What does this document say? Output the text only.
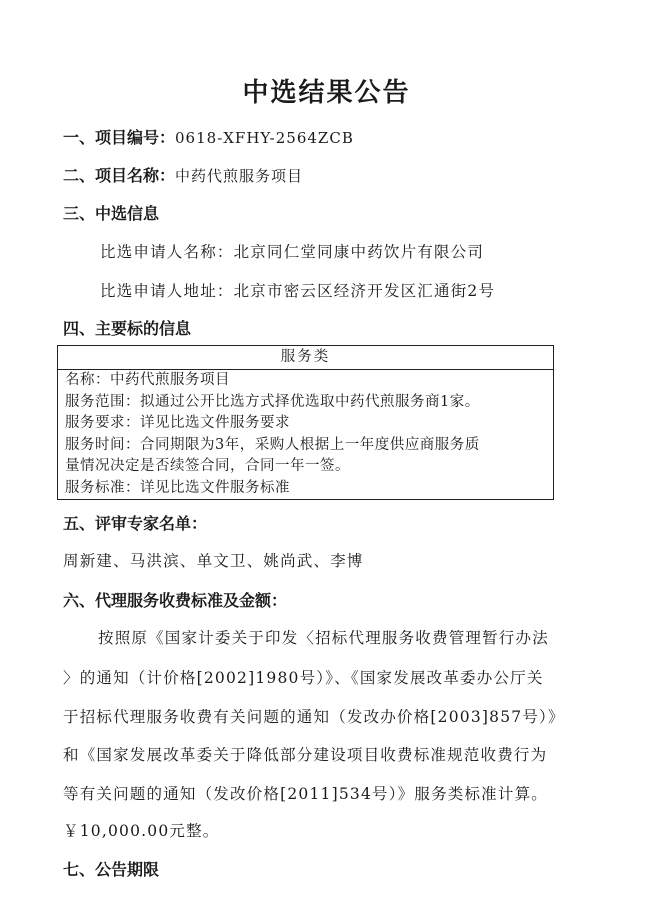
中选结果公告
一、项目编号：0618-XFHY-2564ZCB
二、项目名称：中药代煎服务项目
三、中选信息
比选申请人名称：北京同仁堂同康中药饮片有限公司
比选申请人地址：北京市密云区经济开发区汇通街2号
四、主要标的信息
服务类
名称：中药代煎服务项目
服务范围：拟通过公开比选方式择优选取中药代煎服务商1家。
服务要求：详见比选文件服务要求
服务时间：合同期限为3年，采购人根据上一年度供应商服务质
量情况决定是否续签合同，合同一年一签。
服务标准：详见比选文件服务标准
五、评审专家名单：
周新建、马洪滨、单文卫、姚尚武、李博
六、代理服务收费标准及金额：
按照原《国家计委关于印发〈招标代理服务收费管理暂行办法
〉的通知（计价格[2002]1980号）》、《国家发展改革委办公厅关
于招标代理服务收费有关问题的通知（发改办价格[2003]857号）》
和《国家发展改革委关于降低部分建设项目收费标准规范收费行为
等有关问题的通知（发改价格[2011]534号）》服务类标准计算。
￥10,000.00元整。
七、公告期限
